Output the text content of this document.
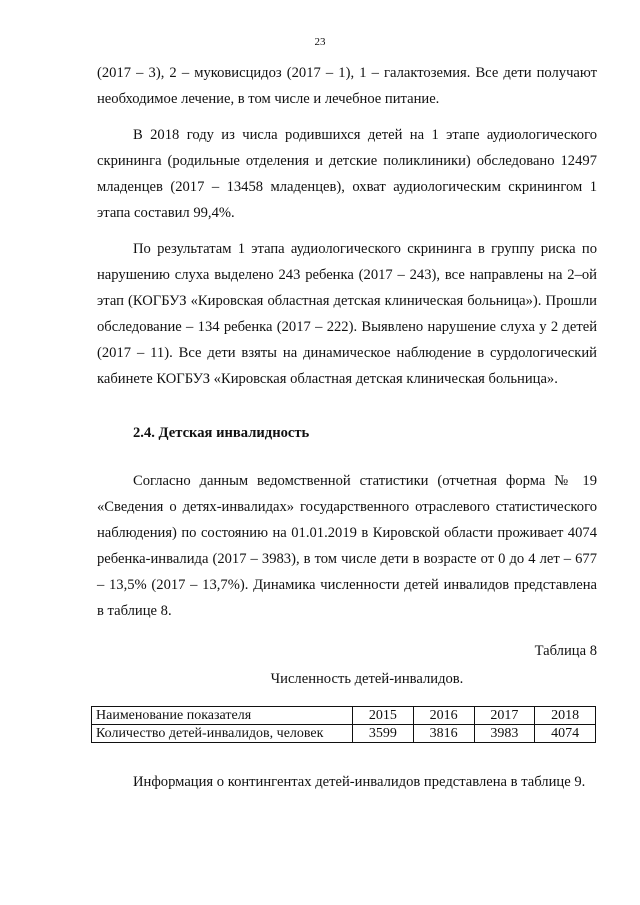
23

(2017 – 3), 2 – муковисцидоз (2017 – 1), 1 – галактоземия. Все дети получают необходимое лечение, в том числе и лечебное питание.

В 2018 году из числа родившихся детей на 1 этапе аудиологического скрининга (родильные отделения и детские поликлиники) обследовано 12497 младенцев (2017 – 13458 младенцев), охват аудиологическим скринингом 1 этапа составил 99,4%.

По результатам 1 этапа аудиологического скрининга в группу риска по нарушению слуха выделено 243 ребенка (2017 – 243), все направлены на 2–ой этап (КОГБУЗ «Кировская областная детская клиническая больница»). Прошли обследование – 134 ребенка (2017 – 222). Выявлено нарушение слуха у 2 детей (2017 – 11). Все дети взяты на динамическое наблюдение в сурдологический кабинете КОГБУЗ «Кировская областная детская клиническая больница».

2.4. Детская инвалидность

Согласно данным ведомственной статистики (отчетная форма № 19 «Сведения о детях-инвалидах» государственного отраслевого статистического наблюдения) по состоянию на 01.01.2019 в Кировской области проживает 4074 ребенка-инвалида (2017 – 3983), в том числе дети в возрасте от 0 до 4 лет – 677 – 13,5% (2017 – 13,7%). Динамика численности детей инвалидов представлена в таблице 8.

Таблица 8

Численность детей-инвалидов.

Наименование показателя	2015	2016	2017	2018
Количество детей-инвалидов, человек	3599	3816	3983	4074

Информация о контингентах детей-инвалидов представлена в таблице 9.
